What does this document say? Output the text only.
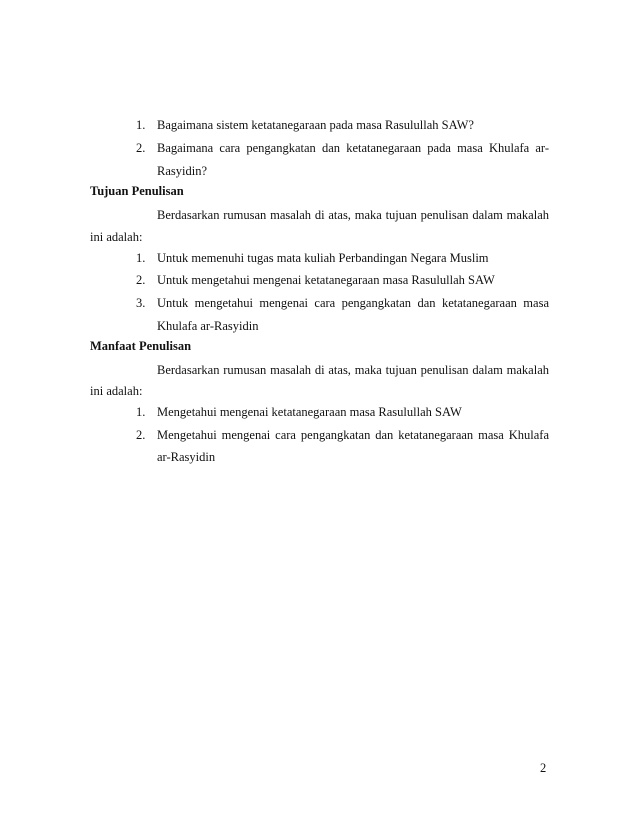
1. Bagaimana sistem ketatanegaraan pada masa Rasulullah SAW?
2. Bagaimana cara pengangkatan dan ketatanegaraan pada masa Khulafa ar-
Rasyidin?
Tujuan Penulisan
Berdasarkan rumusan masalah di atas, maka tujuan penulisan dalam makalah
ini adalah:
1. Untuk memenuhi tugas mata kuliah Perbandingan Negara Muslim
2. Untuk mengetahui mengenai ketatanegaraan masa Rasulullah SAW
3. Untuk mengetahui mengenai cara pengangkatan dan ketatanegaraan masa
Khulafa ar-Rasyidin
Manfaat Penulisan
Berdasarkan rumusan masalah di atas, maka tujuan penulisan dalam makalah
ini adalah:
1. Mengetahui mengenai ketatanegaraan masa Rasulullah SAW
2. Mengetahui mengenai cara pengangkatan dan ketatanegaraan masa Khulafa
ar-Rasyidin
2
